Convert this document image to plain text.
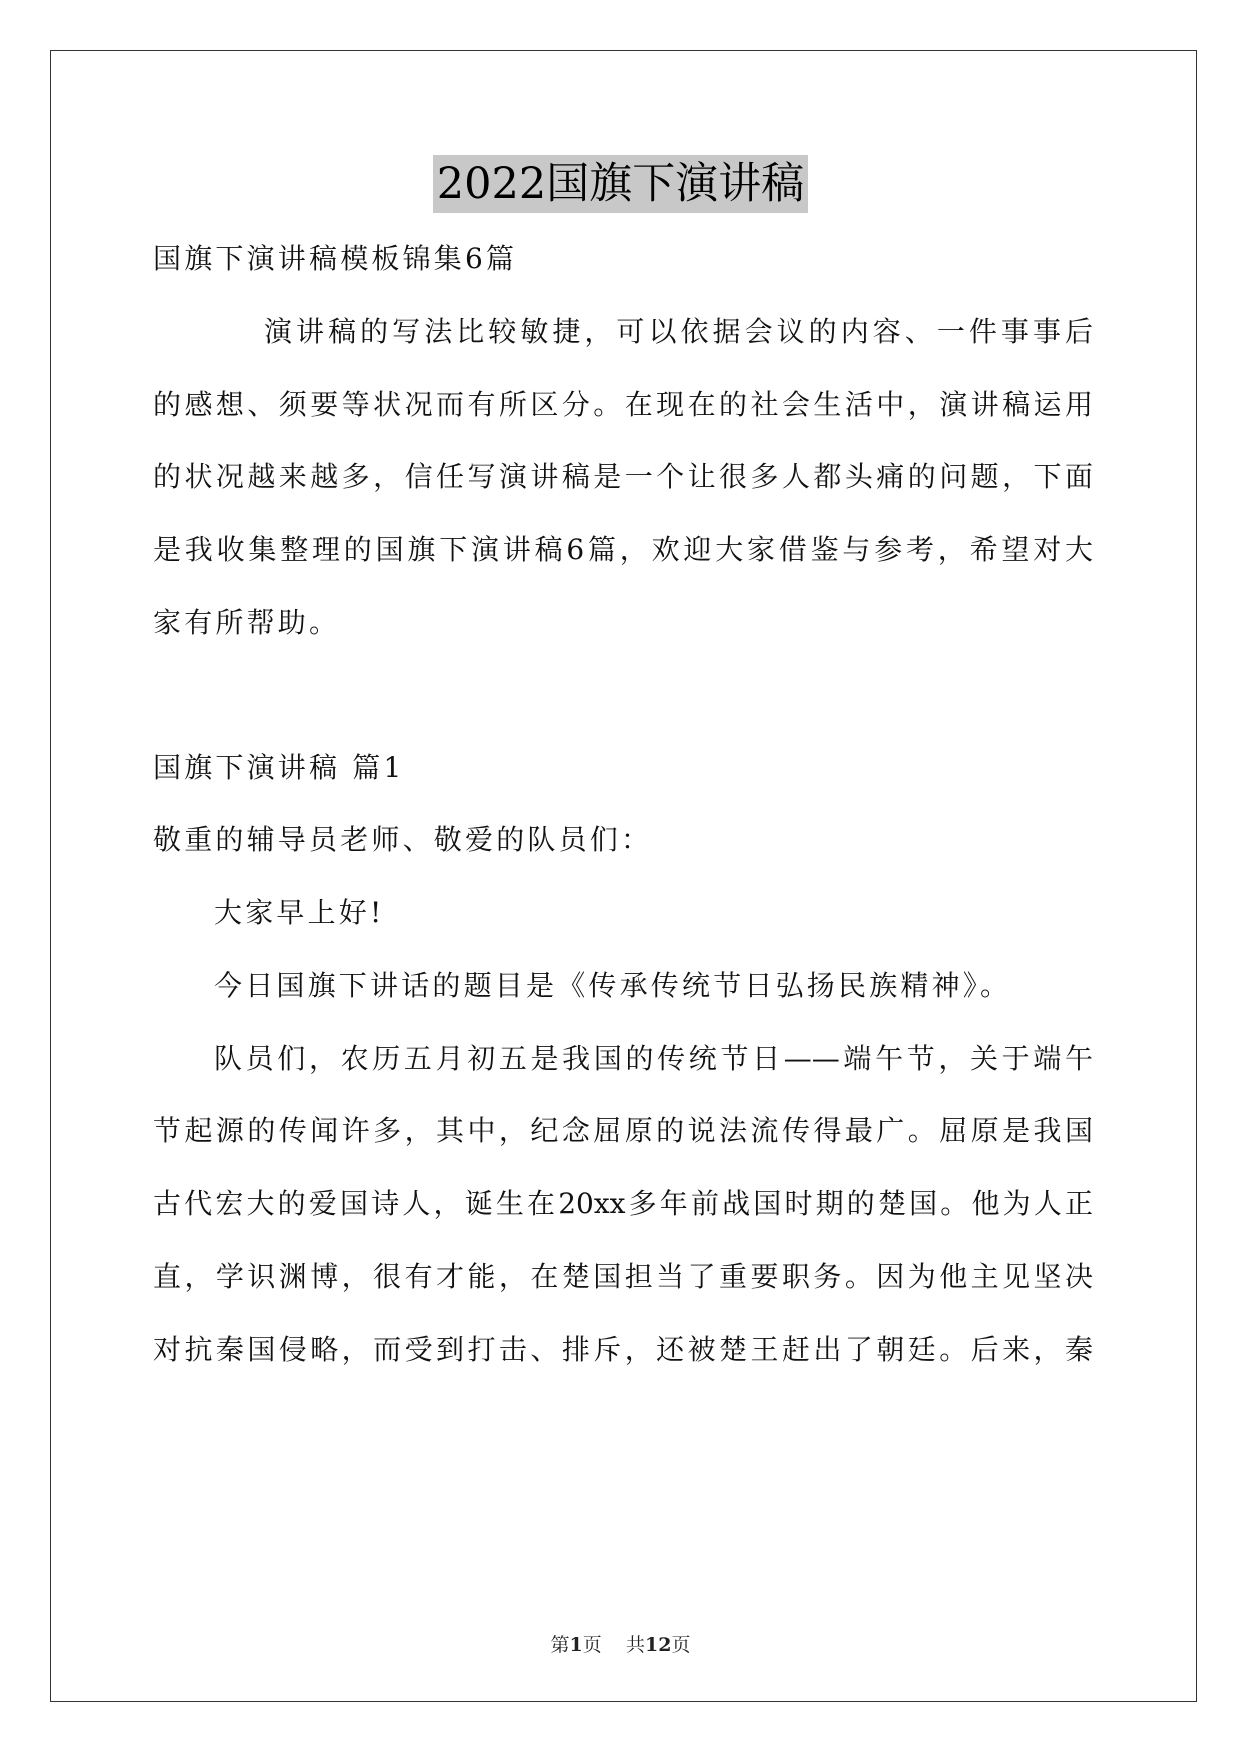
2022国旗下演讲稿
国旗下演讲稿模板锦集6篇
演讲稿的写法比较敏捷，可以依据会议的内容、一件事事后
的感想、须要等状况而有所区分。在现在的社会生活中，演讲稿运用
的状况越来越多，信任写演讲稿是一个让很多人都头痛的问题，下面
是我收集整理的国旗下演讲稿6篇，欢迎大家借鉴与参考，希望对大
家有所帮助。
国旗下演讲稿 篇1
敬重的辅导员老师、敬爱的队员们：
大家早上好!
今日国旗下讲话的题目是《传承传统节日弘扬民族精神》。
队员们，农历五月初五是我国的传统节日——端午节，关于端午
节起源的传闻许多，其中，纪念屈原的说法流传得最广。屈原是我国
古代宏大的爱国诗人，诞生在20xx多年前战国时期的楚国。他为人正
直，学识渊博，很有才能，在楚国担当了重要职务。因为他主见坚决
对抗秦国侵略，而受到打击、排斥，还被楚王赶出了朝廷。后来，秦
第1页 共12页
